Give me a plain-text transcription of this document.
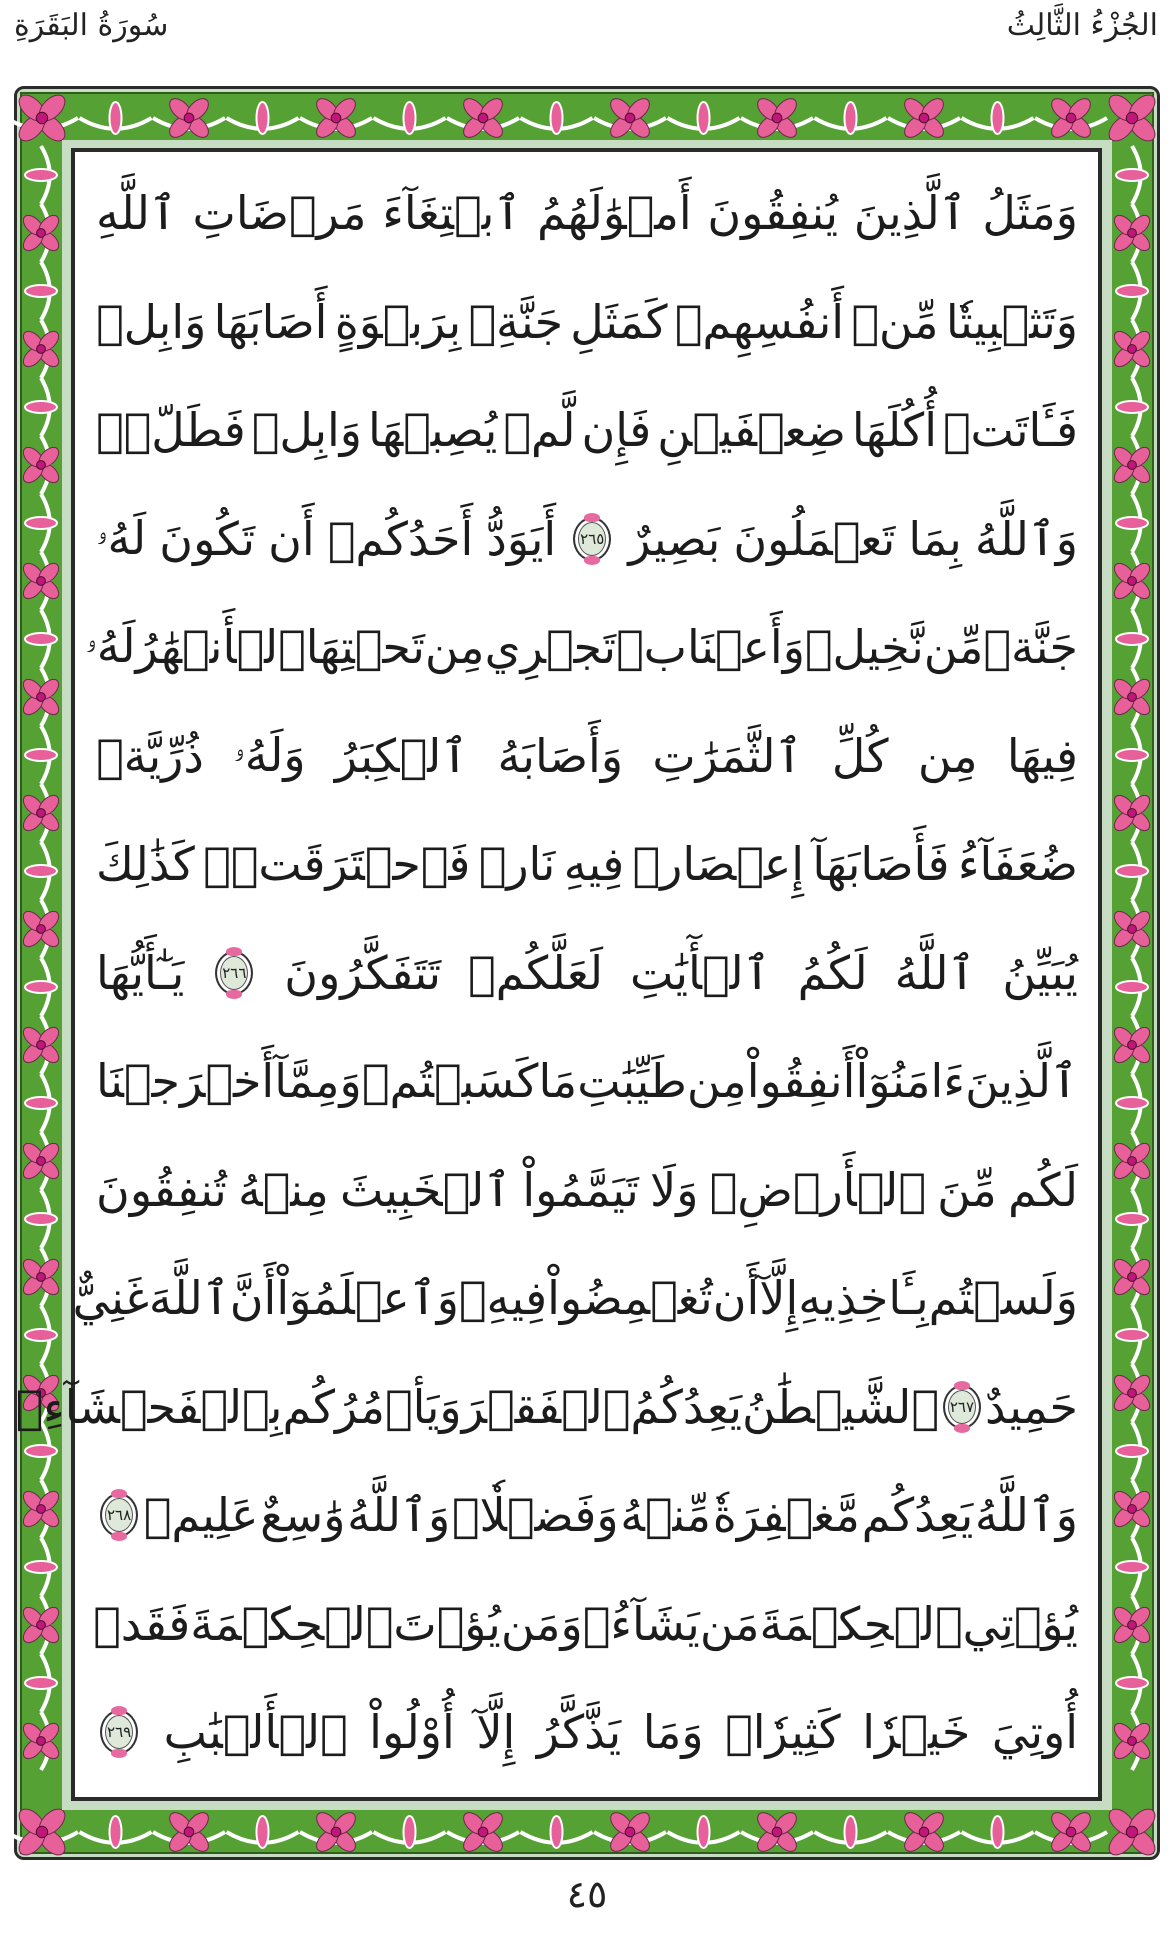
الجُزْءُ الثَّالِثُ
سُورَةُ البَقَرَةِ
وَمَثَلُ
ٱلَّذِينَ
يُنفِقُونَ
أَمۡوَٰلَهُمُ
ٱبۡتِغَآءَ
مَرۡضَاتِ
ٱللَّهِ
وَتَثۡبِيتٗا
مِّنۡ
أَنفُسِهِمۡ
كَمَثَلِ
جَنَّةِۭ
بِرَبۡوَةٍ
أَصَابَهَا
وَابِلٞ
فَـَٔاتَتۡ
أُكُلَهَا
ضِعۡفَيۡنِ
فَإِن
لَّمۡ
يُصِبۡهَا
وَابِلٞ
فَطَلّٞۗ
وَٱللَّهُ
بِمَا
تَعۡمَلُونَ
بَصِيرٌ
٢٦٥
أَيَوَدُّ
أَحَدُكُمۡ
أَن
تَكُونَ
لَهُۥ
جَنَّةٞ
مِّن
نَّخِيلٖ
وَأَعۡنَابٖ
تَجۡرِي
مِن
تَحۡتِهَا
ٱلۡأَنۡهَٰرُ
لَهُۥ
فِيهَا
مِن
كُلِّ
ٱلثَّمَرَٰتِ
وَأَصَابَهُ
ٱلۡكِبَرُ
وَلَهُۥ
ذُرِّيَّةٞ
ضُعَفَآءُ
فَأَصَابَهَآ
إِعۡصَارٞ
فِيهِ
نَارٞ
فَٱحۡتَرَقَتۡۗ
كَذَٰلِكَ
يُبَيِّنُ
ٱللَّهُ
لَكُمُ
ٱلۡأٓيَٰتِ
لَعَلَّكُمۡ
تَتَفَكَّرُونَ
٢٦٦
يَـٰٓأَيُّهَا
ٱلَّذِينَ
ءَامَنُوٓاْ
أَنفِقُواْ
مِن
طَيِّبَٰتِ
مَا
كَسَبۡتُمۡ
وَمِمَّآ
أَخۡرَجۡنَا
لَكُم
مِّنَ
ٱلۡأَرۡضِۖ
وَلَا
تَيَمَّمُواْ
ٱلۡخَبِيثَ
مِنۡهُ
تُنفِقُونَ
وَلَسۡتُم
بِـَٔاخِذِيهِ
إِلَّآ
أَن
تُغۡمِضُواْ
فِيهِۚ
وَٱعۡلَمُوٓاْ
أَنَّ
ٱللَّهَ
غَنِيٌّ
حَمِيدٌ
٢٦٧
ٱلشَّيۡطَٰنُ
يَعِدُكُمُ
ٱلۡفَقۡرَ
وَيَأۡمُرُكُم
بِٱلۡفَحۡشَآءِۖ
وَٱللَّهُ
يَعِدُكُم
مَّغۡفِرَةٗ
مِّنۡهُ
وَفَضۡلٗاۗ
وَٱللَّهُ
وَٰسِعٌ
عَلِيمٞ
٢٦٨
يُؤۡتِي
ٱلۡحِكۡمَةَ
مَن
يَشَآءُۚ
وَمَن
يُؤۡتَ
ٱلۡحِكۡمَةَ
فَقَدۡ
أُوتِيَ
خَيۡرٗا
كَثِيرٗاۗ
وَمَا
يَذَّكَّرُ
إِلَّآ
أُوْلُواْ
ٱلۡأَلۡبَٰبِ
٢٦٩
٤٥
